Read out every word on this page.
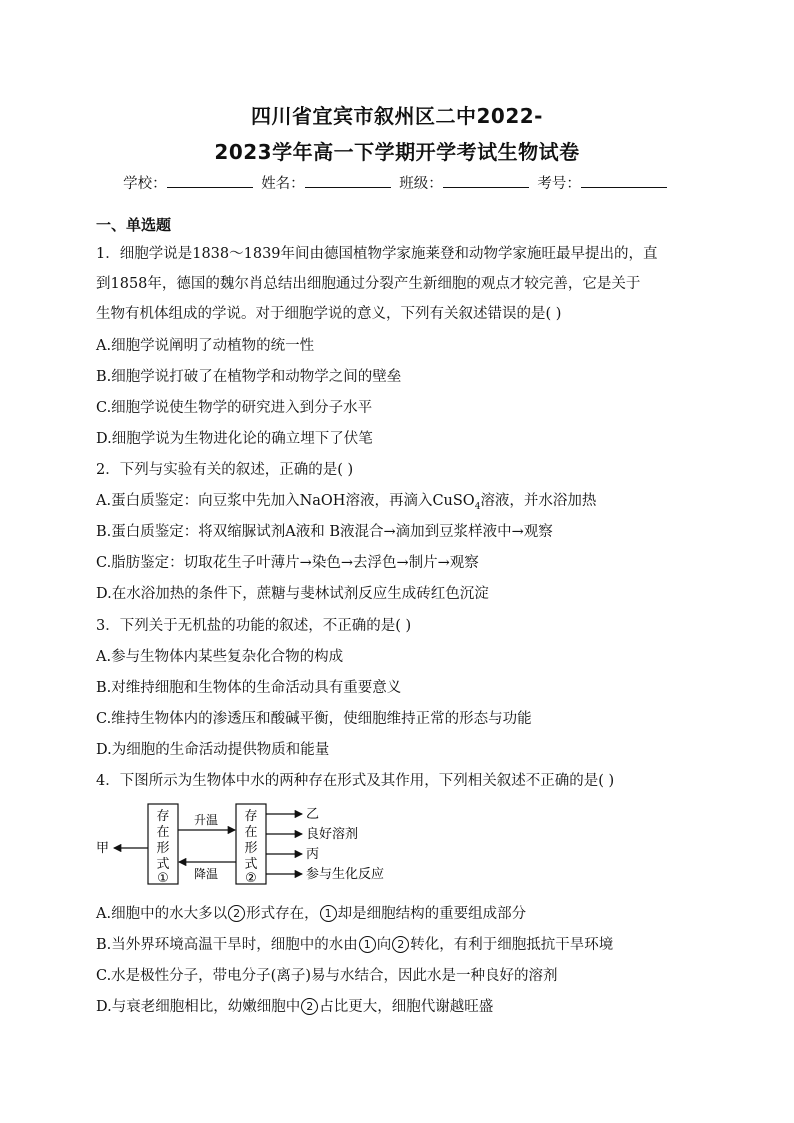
四川省宜宾市叙州区二中2022-
2023学年高一下学期开学考试生物试卷
学校：	姓名：	班级：	考号：
一、单选题
1．细胞学说是1838～1839年间由德国植物学家施莱登和动物学家施旺最早提出的，直
到1858年，德国的魏尔肖总结出细胞通过分裂产生新细胞的观点才较完善，它是关于
生物有机体组成的学说。对于细胞学说的意义，下列有关叙述错误的是( )
A.细胞学说阐明了动植物的统一性
B.细胞学说打破了在植物学和动物学之间的壁垒
C.细胞学说使生物学的研究进入到分子水平
D.细胞学说为生物进化论的确立埋下了伏笔
2．下列与实验有关的叙述，正确的是( )
A.蛋白质鉴定：向豆浆中先加入NaOH溶液，再滴入CuSO$_4$溶液，并水浴加热
B.蛋白质鉴定：将双缩脲试剂A液和 B液混合→滴加到豆浆样液中→观察
C.脂肪鉴定：切取花生子叶薄片→染色→去浮色→制片→观察
D.在水浴加热的条件下，蔗糖与斐林试剂反应生成砖红色沉淀
3．下列关于无机盐的功能的叙述，不正确的是( )
A.参与生物体内某些复杂化合物的构成
B.对维持细胞和生物体的生命活动具有重要意义
C.维持生物体内的渗透压和酸碱平衡，使细胞维持正常的形态与功能
D.为细胞的生命活动提供物质和能量
4．下图所示为生物体中水的两种存在形式及其作用，下列相关叙述不正确的是( )
存
在
形
式
①
存
在
形
式
②
升温
降温
甲
乙
良好溶剂
丙
参与生化反应
A.细胞中的水大多以 2 形式存在， 1 却是细胞结构的重要组成部分
B.当外界环境高温干旱时，细胞中的水由 1 向 2 转化，有利于细胞抵抗干旱环境
C.水是极性分子，带电分子(离子)易与水结合，因此水是一种良好的溶剂
D.与衰老细胞相比，幼嫩细胞中 2 占比更大，细胞代谢越旺盛
